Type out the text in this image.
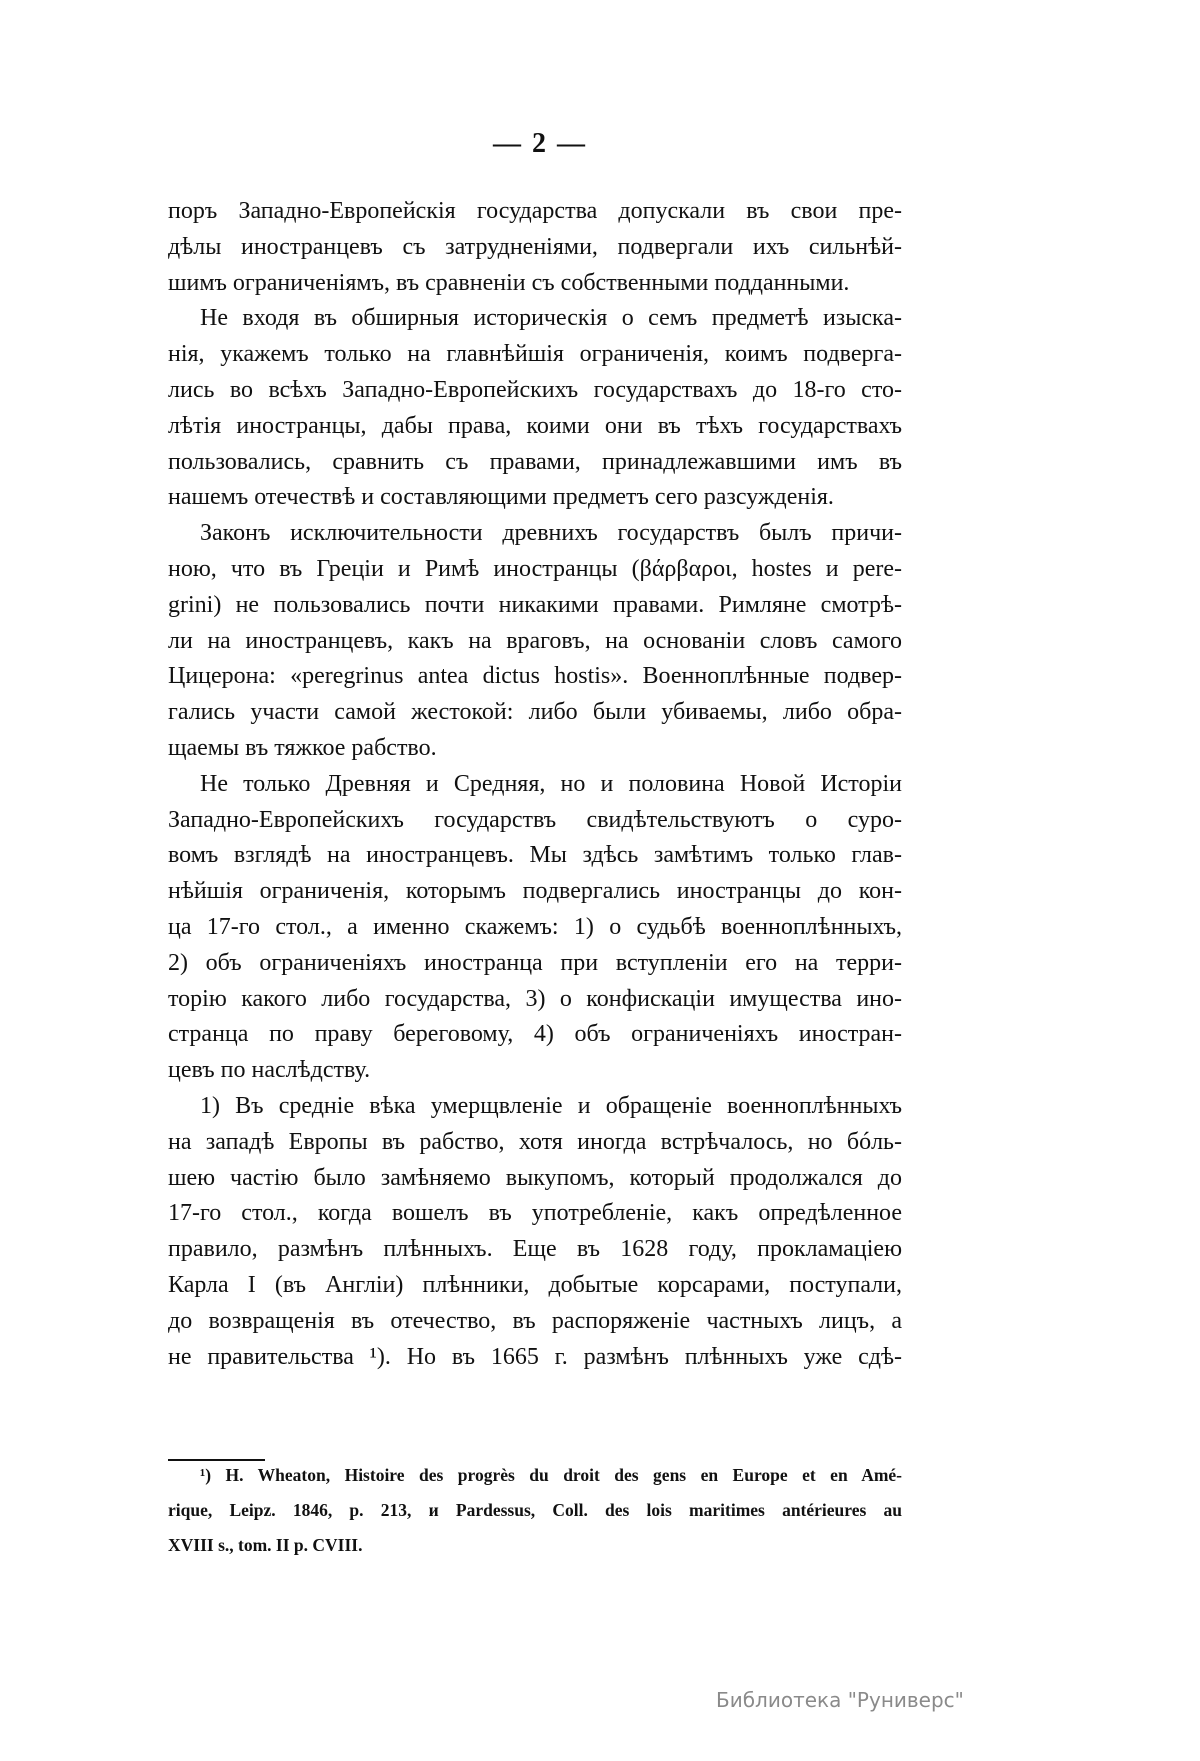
— 2 —
поръ Западно-Европейскія государства допускали въ свои пре-
дѣлы иностранцевъ съ затрудненіями, подвергали ихъ сильнѣй-
шимъ ограниченіямъ, въ сравненіи съ собственными подданными.
Не входя въ обширныя историческія о семъ предметѣ изыска-
нія, укажемъ только на главнѣйшія ограниченія, коимъ подверга-
лись во всѣхъ Западно-Европейскихъ государствахъ до 18-го сто-
лѣтія иностранцы, дабы права, коими они въ тѣхъ государствахъ
пользовались, сравнить съ правами, принадлежавшими имъ въ
нашемъ отечествѣ и составляющими предметъ сего разсужденія.
Законъ исключительности древнихъ государствъ былъ причи-
ною, что въ Греціи и Римѣ иностранцы (βάρβαροι, hostes и pere-
grini) не пользовались почти никакими правами. Римляне смотрѣ-
ли на иностранцевъ, какъ на враговъ, на основаніи словъ самого
Цицерона: «peregrinus antea dictus hostis». Военноплѣнные подвер-
гались участи самой жестокой: либо были убиваемы, либо обра-
щаемы въ тяжкое рабство.
Не только Древняя и Средняя, но и половина Новой Исторіи
Западно-Европейскихъ государствъ свидѣтельствуютъ о суро-
вомъ взглядѣ на иностранцевъ. Мы здѣсь замѣтимъ только глав-
нѣйшія ограниченія, которымъ подвергались иностранцы до кон-
ца 17-го стол., а именно скажемъ: 1) о судьбѣ военноплѣнныхъ,
2) объ ограниченіяхъ иностранца при вступленіи его на терри-
торію какого либо государства, 3) о конфискаціи имущества ино-
странца по праву береговому, 4) объ ограниченіяхъ иностран-
цевъ по наслѣдству.
1) Въ средніе вѣка умерщвленіе и обращеніе военноплѣнныхъ
на западѣ Европы въ рабство, хотя иногда встрѣчалось, но бóль-
шею частію было замѣняемо выкупомъ, который продолжался до
17-го стол., когда вошелъ въ употребленіе, какъ опредѣленное
правило, размѣнъ плѣнныхъ. Еще въ 1628 году, прокламаціею
Карла I (въ Англіи) плѣнники, добытые корсарами, поступали,
до возвращенія въ отечество, въ распоряженіе частныхъ лицъ, а
не правительства ¹). Но въ 1665 г. размѣнъ плѣнныхъ уже сдѣ-
¹) H. Wheaton, Histoire des progrès du droit des gens en Europe et en Amé-
rique, Leipz. 1846, p. 213, и Pardessus, Coll. des lois maritimes antérieures au
XVIII s., tom. II p. CVIII.
Библиотека "Руниверс"
